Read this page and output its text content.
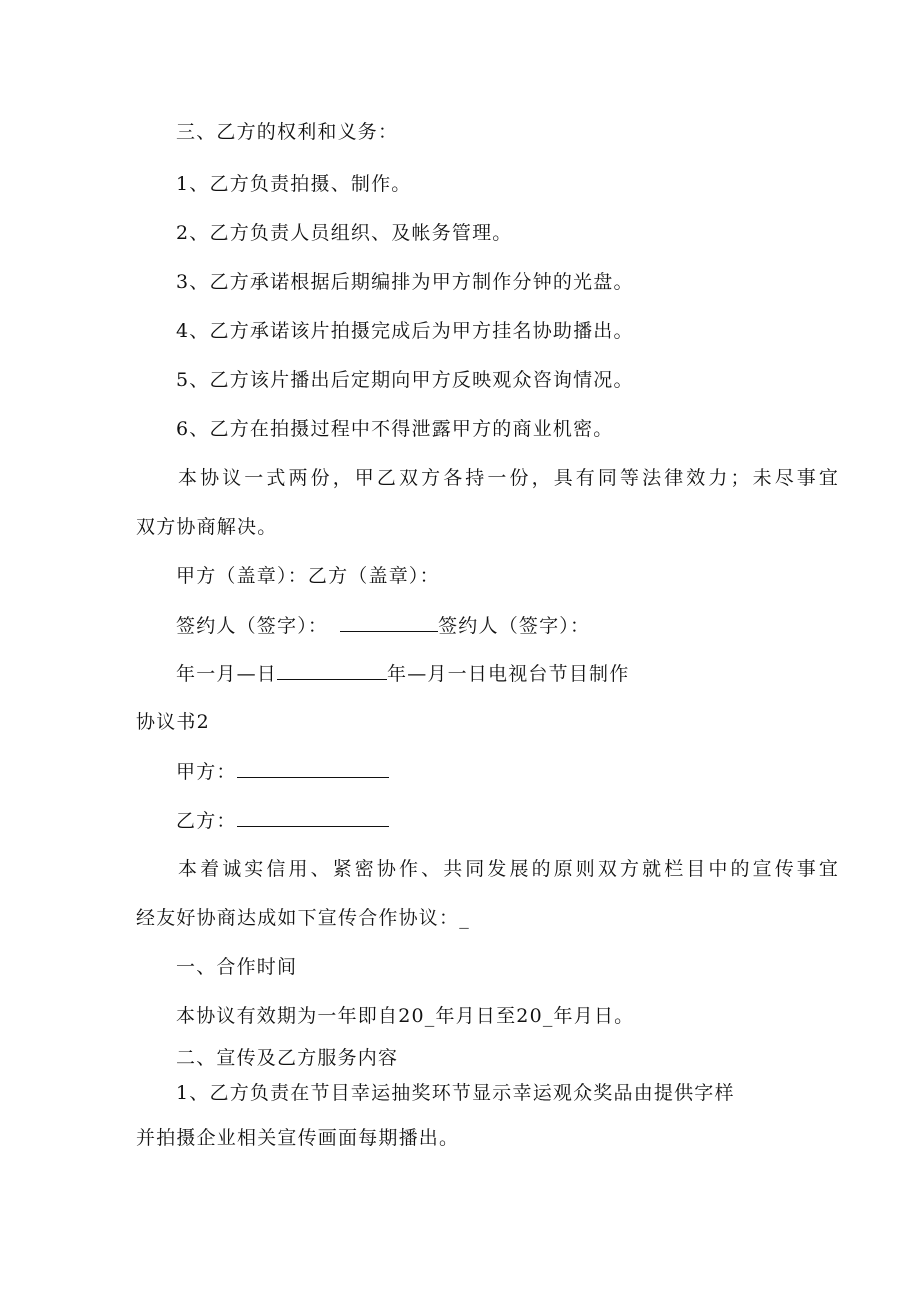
三、乙方的权利和义务：
1、乙方负责拍摄、制作。
2、乙方负责人员组织、及帐务管理。
3、乙方承诺根据后期编排为甲方制作分钟的光盘。
4、乙方承诺该片拍摄完成后为甲方挂名协助播出。
5、乙方该片播出后定期向甲方反映观众咨询情况。
6、乙方在拍摄过程中不得泄露甲方的商业机密。
本协议一式两份，甲乙双方各持一份，具有同等法律效力；未尽事宜
双方协商解决。
甲方（盖章）：乙方（盖章）：
签约人（签字）：	签约人（签字）：
年一月—日	年—月一日电视台节目制作
协议书2
甲方：
乙方：
本着诚实信用、紧密协作、共同发展的原则双方就栏目中的宣传事宜
经友好协商达成如下宣传合作协议：_
一、合作时间
本协议有效期为一年即自20_年月日至20_年月日。
二、宣传及乙方服务内容
1、乙方负责在节目幸运抽奖环节显示幸运观众奖品由提供字样
并拍摄企业相关宣传画面每期播出。
